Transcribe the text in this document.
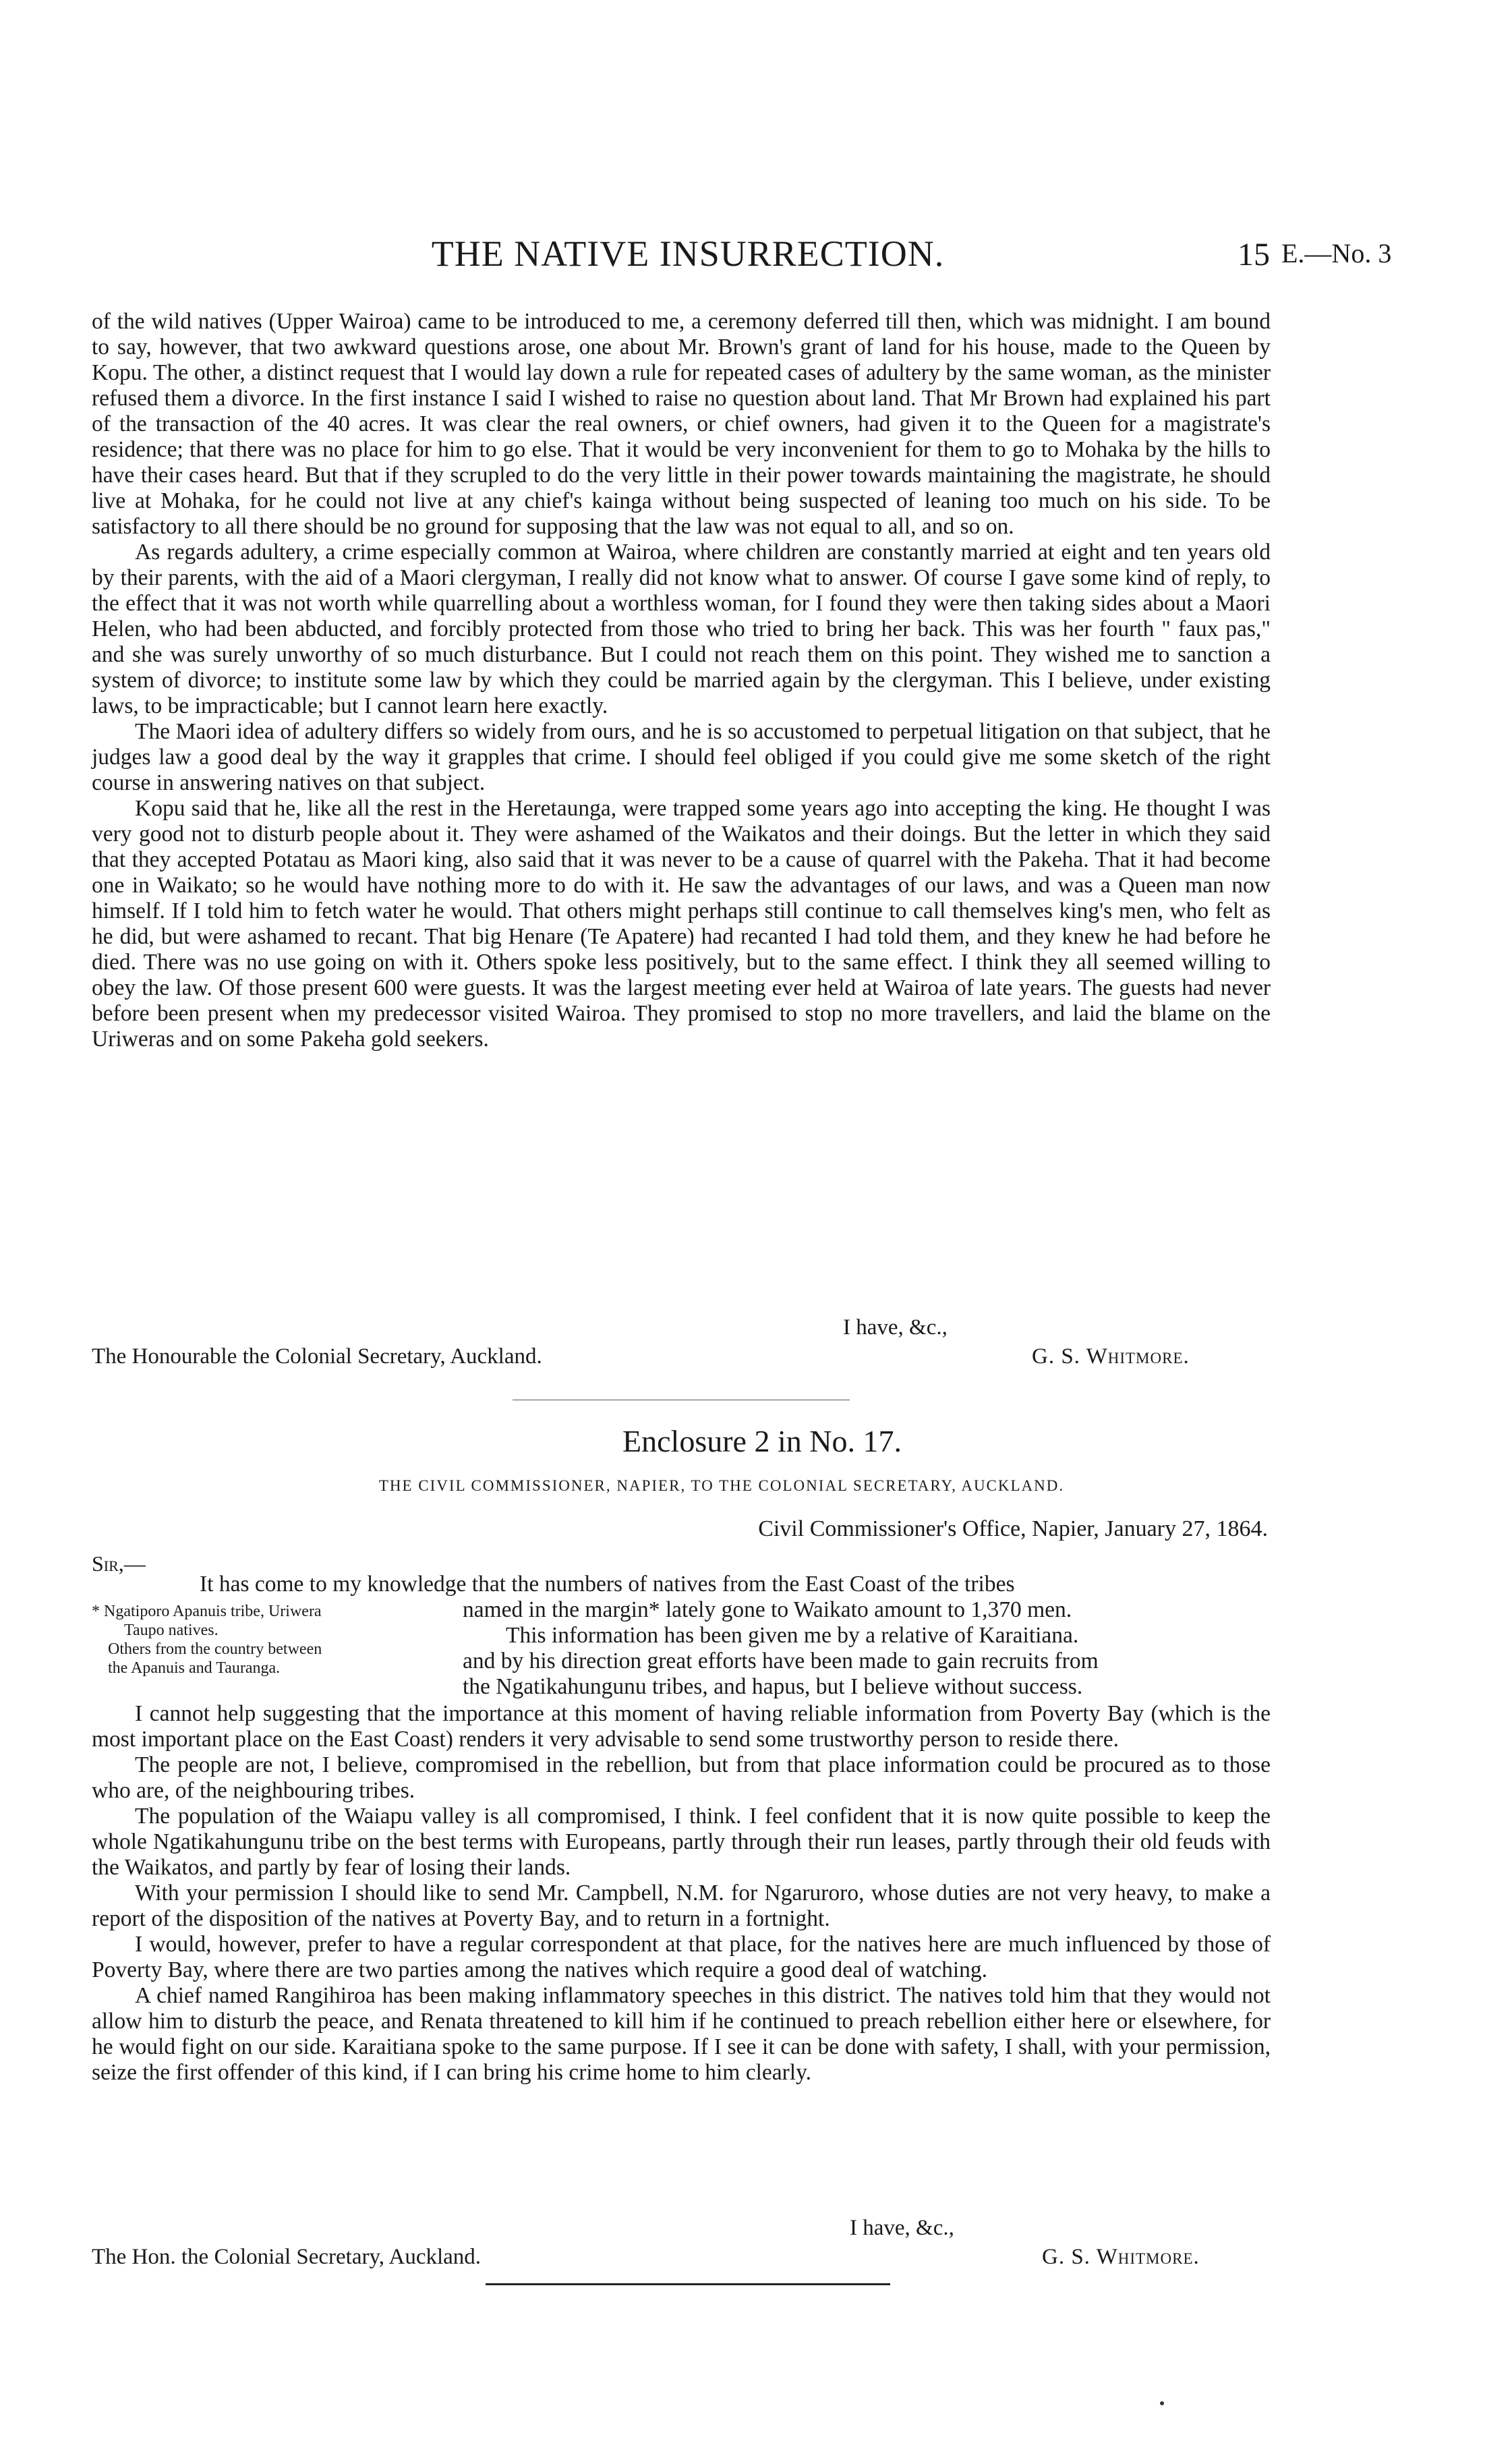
THE NATIVE INSURRECTION.	15 E.—No. 3

of the wild natives (Upper Wairoa) came to be introduced to me, a ceremony deferred till then, which was midnight. I am bound to say, however, that two awkward questions arose, one about Mr. Brown's grant of land for his house, made to the Queen by Kopu. The other, a distinct request that I would lay down a rule for repeated cases of adultery by the same woman, as the minister refused them a divorce. In the first instance I said I wished to raise no question about land. That Mr Brown had explained his part of the transaction of the 40 acres. It was clear the real owners, or chief owners, had given it to the Queen for a magistrate's residence; that there was no place for him to go else. That it would be very inconvenient for them to go to Mohaka by the hills to have their cases heard. But that if they scrupled to do the very little in their power towards maintaining the magistrate, he should live at Mohaka, for he could not live at any chief's kainga without being suspected of leaning too much on his side. To be satisfactory to all there should be no ground for supposing that the law was not equal to all, and so on.

As regards adultery, a crime especially common at Wairoa, where children are constantly married at eight and ten years old by their parents, with the aid of a Maori clergyman, I really did not know what to answer. Of course I gave some kind of reply, to the effect that it was not worth while quarrelling about a worthless woman, for I found they were then taking sides about a Maori Helen, who had been abducted, and forcibly protected from those who tried to bring her back. This was her fourth " faux pas," and she was surely unworthy of so much disturbance. But I could not reach them on this point. They wished me to sanction a system of divorce; to institute some law by which they could be married again by the clergyman. This I believe, under existing laws, to be impracticable; but I cannot learn here exactly.

The Maori idea of adultery differs so widely from ours, and he is so accustomed to perpetual litigation on that subject, that he judges law a good deal by the way it grapples that crime. I should feel obliged if you could give me some sketch of the right course in answering natives on that subject.

Kopu said that he, like all the rest in the Heretaunga, were trapped some years ago into accepting the king. He thought I was very good not to disturb people about it. They were ashamed of the Waikatos and their doings. But the letter in which they said that they accepted Potatau as Maori king, also said that it was never to be a cause of quarrel with the Pakeha. That it had become one in Waikato; so he would have nothing more to do with it. He saw the advantages of our laws, and was a Queen man now himself. If I told him to fetch water he would. That others might perhaps still continue to call themselves king's men, who felt as he did, but were ashamed to recant. That big Henare (Te Apatere) had recanted I had told them, and they knew he had before he died. There was no use going on with it. Others spoke less positively, but to the same effect. I think they all seemed willing to obey the law. Of those present 600 were guests. It was the largest meeting ever held at Wairoa of late years. The guests had never before been present when my predecessor visited Wairoa. They promised to stop no more travellers, and laid the blame on the Uriweras and on some Pakeha gold seekers.

I have, &c.,
The Honourable the Colonial Secretary, Auckland.	G. S. Whitmore.
Enclosure 2 in No. 17.
THE CIVIL COMMISSIONER, NAPIER, TO THE COLONIAL SECRETARY, AUCKLAND.
Civil Commissioner's Office, Napier, January 27, 1864.
Sir,—
* Ngatiporo Apanuis tribe, Uriwera
Taupo natives.
Others from the country between
the Apanuis and Tauranga.
It has come to my knowledge that the numbers of natives from the East Coast of the tribes
named in the margin* lately gone to Waikato amount to 1,370 men.
This information has been given me by a relative of Karaitiana.
and by his direction great efforts have been made to gain recruits from
the Ngatikahungunu tribes, and hapus, but I believe without success.

I cannot help suggesting that the importance at this moment of having reliable information from Poverty Bay (which is the most important place on the East Coast) renders it very advisable to send some trustworthy person to reside there.

The people are not, I believe, compromised in the rebellion, but from that place information could be procured as to those who are, of the neighbouring tribes.

The population of the Waiapu valley is all compromised, I think. I feel confident that it is now quite possible to keep the whole Ngatikahungunu tribe on the best terms with Europeans, partly through their run leases, partly through their old feuds with the Waikatos, and partly by fear of losing their lands.

With your permission I should like to send Mr. Campbell, N.M. for Ngaruroro, whose duties are not very heavy, to make a report of the disposition of the natives at Poverty Bay, and to return in a fortnight.

I would, however, prefer to have a regular correspondent at that place, for the natives here are much influenced by those of Poverty Bay, where there are two parties among the natives which require a good deal of watching.

A chief named Rangihiroa has been making inflammatory speeches in this district. The natives told him that they would not allow him to disturb the peace, and Renata threatened to kill him if he continued to preach rebellion either here or elsewhere, for he would fight on our side. Karaitiana spoke to the same purpose. If I see it can be done with safety, I shall, with your permission, seize the first offender of this kind, if I can bring his crime home to him clearly.

I have, &c.,
The Hon. the Colonial Secretary, Auckland.	G. S. Whitmore.
